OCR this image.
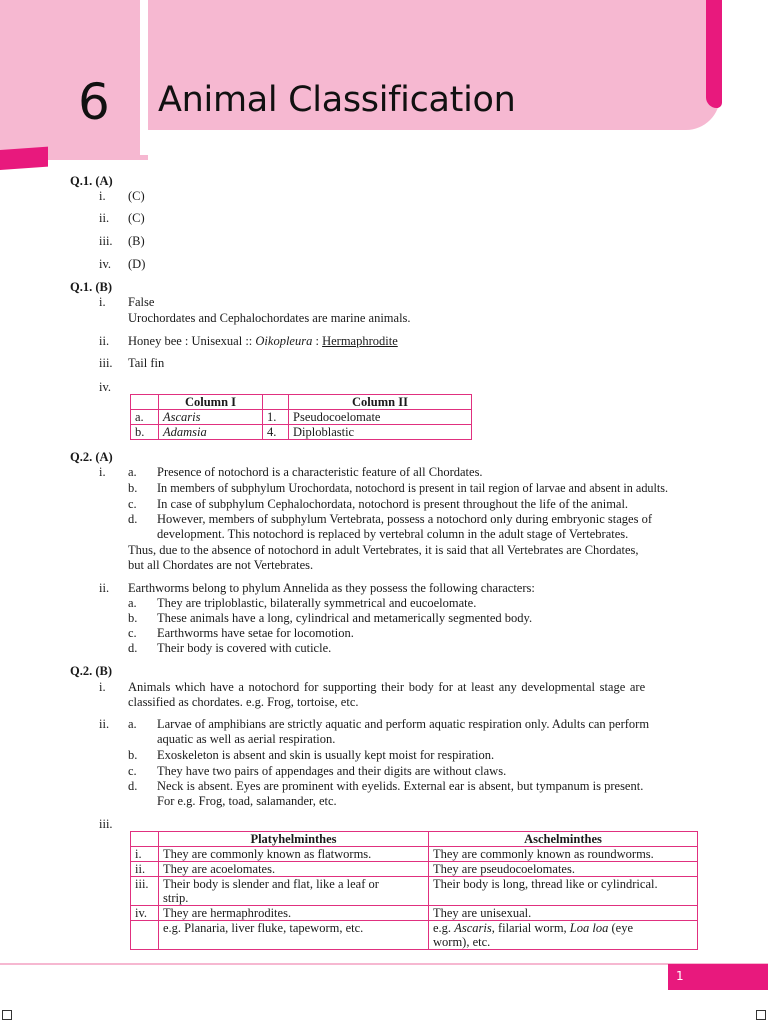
6 Animal Classification
Q.1. (A)
i. (C)
ii. (C)
iii. (B)
iv. (D)
Q.1. (B)
i. False
Urochordates and Cephalochordates are marine animals.
ii. Honey bee : Unisexual :: Oikopleura : Hermaphrodite
iii. Tail fin
iv.
	Column I		Column II
a.	Ascaris	1.	Pseudocoelomate
b.	Adamsia	4.	Diploblastic
Q.2. (A)
i. a. Presence of notochord is a characteristic feature of all Chordates.
b. In members of subphylum Urochordata, notochord is present in tail region of larvae and absent in adults.
c. In case of subphylum Cephalochordata, notochord is present throughout the life of the animal.
d. However, members of subphylum Vertebrata, possess a notochord only during embryonic stages of
development. This notochord is replaced by vertebral column in the adult stage of Vertebrates.
Thus, due to the absence of notochord in adult Vertebrates, it is said that all Vertebrates are Chordates,
but all Chordates are not Vertebrates.
ii. Earthworms belong to phylum Annelida as they possess the following characters:
a. They are triploblastic, bilaterally symmetrical and eucoelomate.
b. These animals have a long, cylindrical and metamerically segmented body.
c. Earthworms have setae for locomotion.
d. Their body is covered with cuticle.
Q.2. (B)
i. Animals which have a notochord for supporting their body for at least any developmental stage are
classified as chordates. e.g. Frog, tortoise, etc.
ii. a. Larvae of amphibians are strictly aquatic and perform aquatic respiration only. Adults can perform
aquatic as well as aerial respiration.
b. Exoskeleton is absent and skin is usually kept moist for respiration.
c. They have two pairs of appendages and their digits are without claws.
d. Neck is absent. Eyes are prominent with eyelids. External ear is absent, but tympanum is present.
For e.g. Frog, toad, salamander, etc.
iii.
	Platyhelminthes	Aschelminthes
i.	They are commonly known as flatworms.	They are commonly known as roundworms.
ii.	They are acoelomates.	They are pseudocoelomates.
iii.	Their body is slender and flat, like a leaf or
strip.	Their body is long, thread like or cylindrical.
iv.	They are hermaphrodites.	They are unisexual.
	e.g. Planaria, liver fluke, tapeworm, etc.	e.g. Ascaris, filarial worm, Loa loa (eye
worm), etc.
1
